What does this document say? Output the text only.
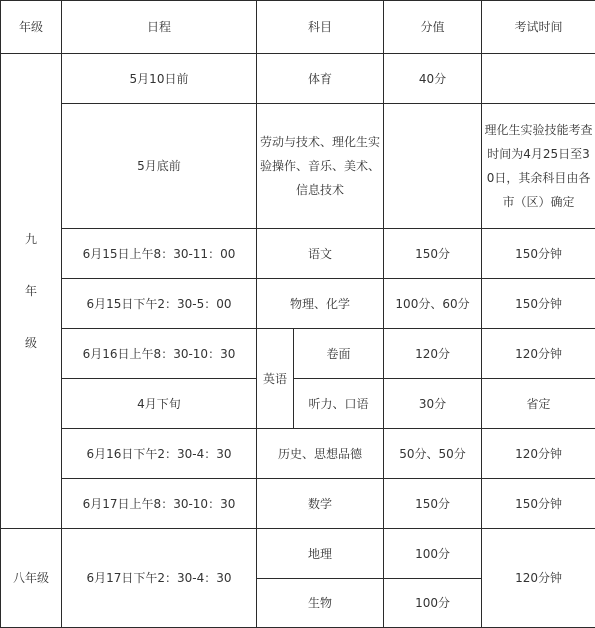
年级	日程	科目		分值	考试时间

九
年
级	5月10日前	体育		40分	
	5月底前	劳动与技术、理化生实验操作、音乐、美术、信息技术			理化生实验技能考查时间为4月25日至30日，其余科目由各市（区）确定
	6月15日上午8：30-11：00	语文		150分	150分钟
	6月15日下午2：30-5：00	物理、化学		100分、60分	150分钟
	6月16日上午8：30-10：30	英语	卷面	120分	120分钟
	4月下旬		听力、口语	30分	省定
	6月16日下午2：30-4：30	历史、思想品德		50分、50分	120分钟
	6月17日上午8：30-10：30	数学		150分	150分钟
八年级	6月17日下午2：30-4：30	地理		100分	120分钟
		生物		100分	
